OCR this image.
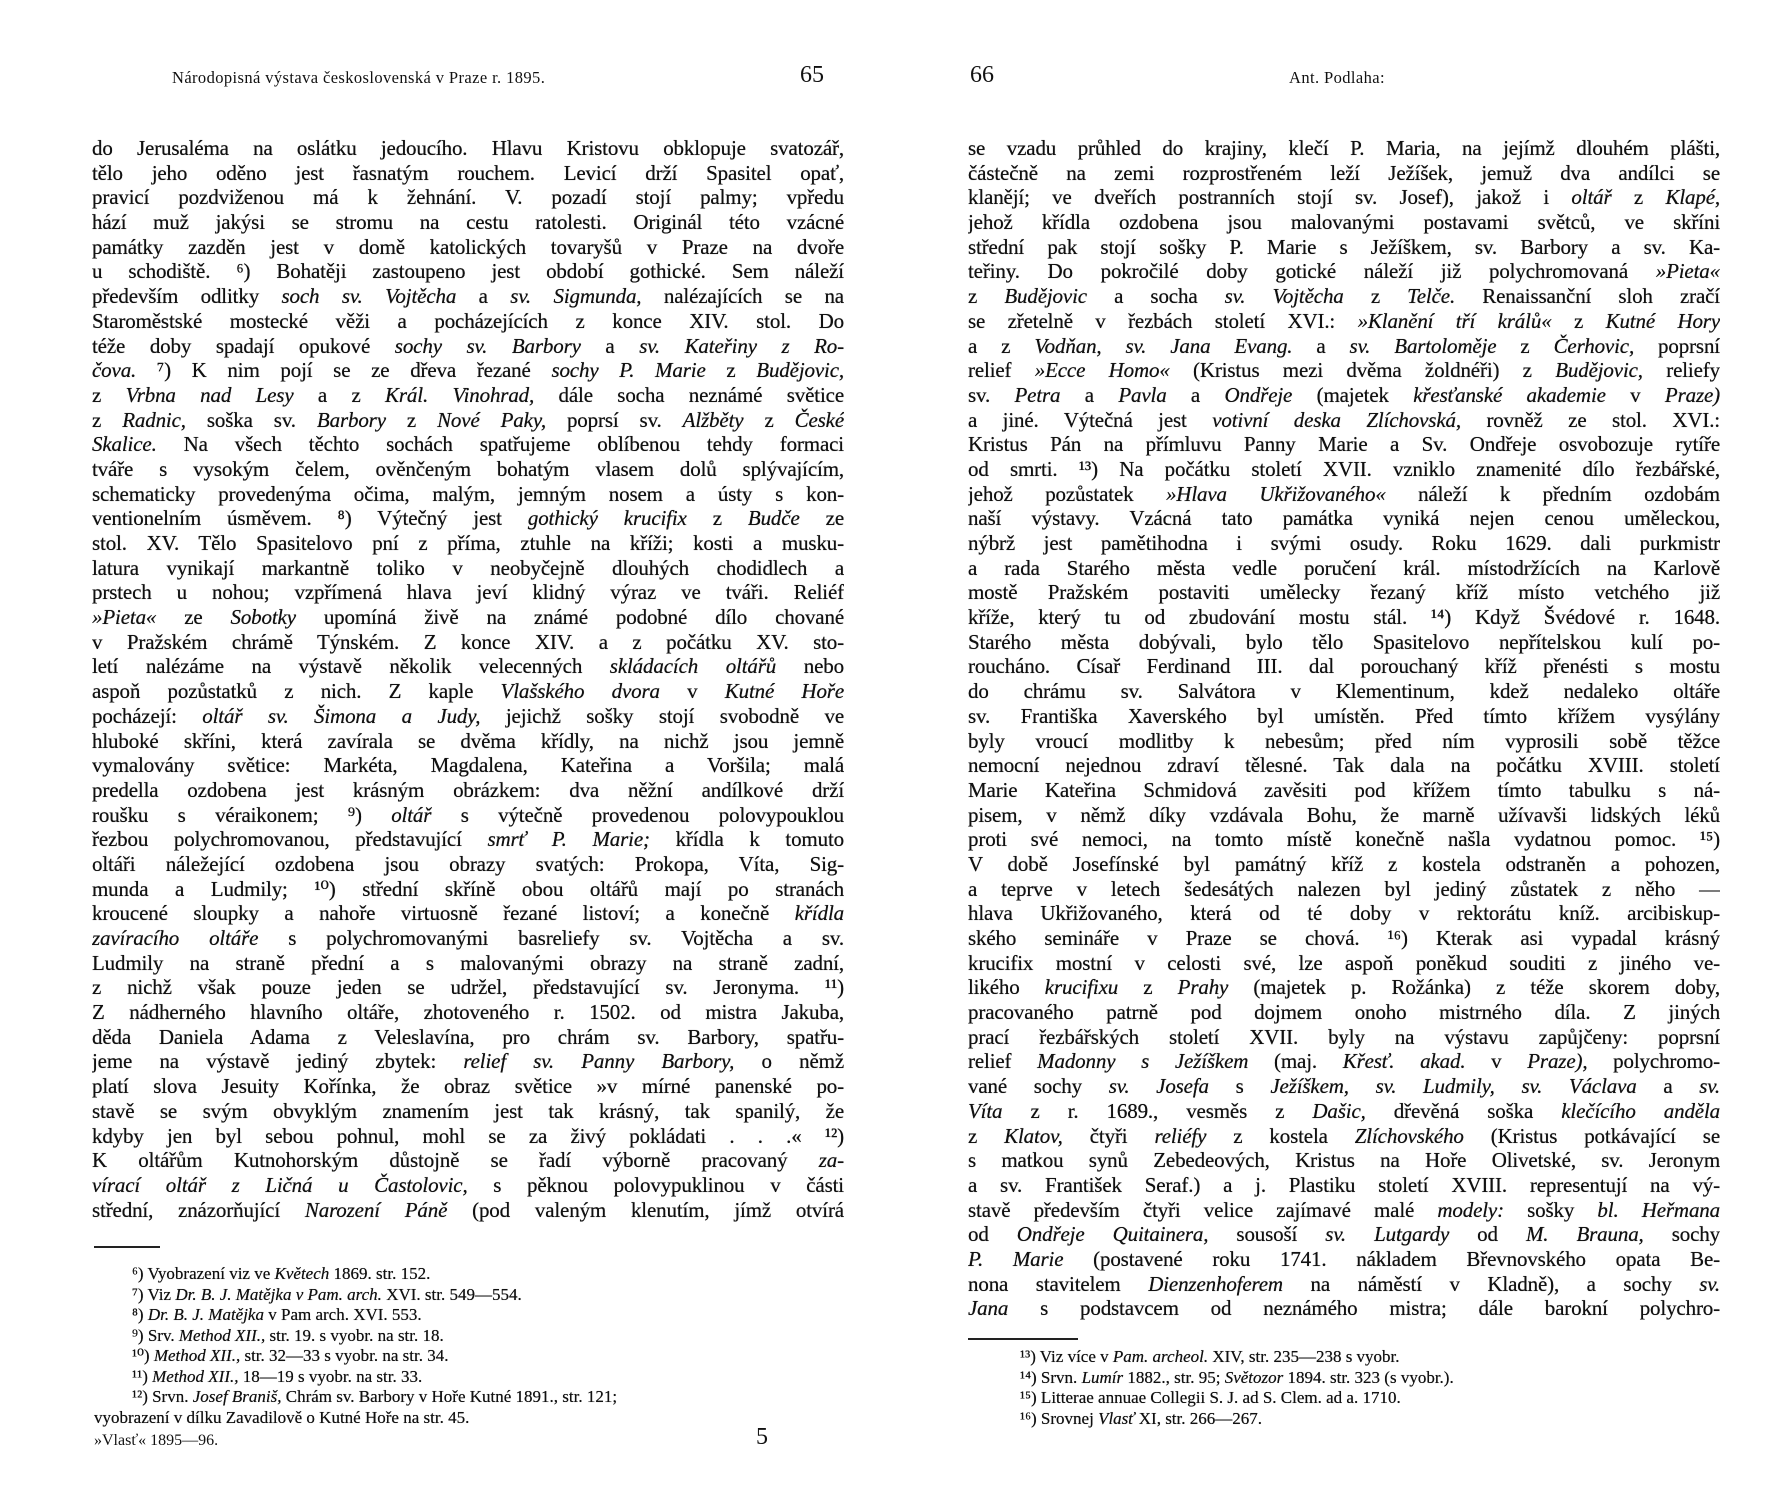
Národopisná výstava československá v Praze r. 1895.	65
do Jerusaléma na oslátku jedoucího. Hlavu Kristovu obklopuje svatozář,
tělo jeho oděno jest řasnatým rouchem. Levicí drží Spasitel opať,
pravicí pozdviženou má k žehnání. V. pozadí stojí palmy; vpředu
hází muž jakýsi se stromu na cestu ratolesti. Originál této vzácné
památky zazděn jest v domě katolických tovaryšů v Praze na dvoře
u schodiště. ⁶) Bohatěji zastoupeno jest období gothické. Sem náleží
především odlitky soch sv. Vojtěcha a sv. Sigmunda, nalézajících se na
Staroměstské mostecké věži a pocházejících z konce XIV. stol. Do
téže doby spadají opukové sochy sv. Barbory a sv. Kateřiny z Ro-
čova. ⁷) K nim pojí se ze dřeva řezané sochy P. Marie z Budějovic,
z Vrbna nad Lesy a z Král. Vinohrad, dále socha neznámé světice
z Radnic, soška sv. Barbory z Nové Paky, poprsí sv. Alžběty z České
Skalice. Na všech těchto sochách spatřujeme oblíbenou tehdy formaci
tváře s vysokým čelem, ověnčeným bohatým vlasem dolů splývajícím,
schematicky provedenýma očima, malým, jemným nosem a ústy s kon-
ventionelním úsměvem. ⁸) Výtečný jest gothický krucifix z Budče ze
stol. XV. Tělo Spasitelovo pní z přímа, ztuhle na kříži; kosti a musku-
latura vynikají markantně toliko v neobyčejně dlouhých chodidlech a
prstech u nohou; vzpřímená hlava jeví klidný výraz ve tváři. Reliéf
»Pieta« ze Sobotky upomíná živě na známé podobné dílo chované
v Pražském chrámě Týnském. Z konce XIV. a z počátku XV. sto-
letí nalézáme na výstavě několik velecenných skládacích oltářů nebo
aspoň pozůstatků z nich. Z kaple Vlašského dvora v Kutné Hoře
pocházejí: oltář sv. Šimona a Judy, jejichž sošky stojí svobodně ve
hluboké skříni, která zavírala se dvěma křídly, na nichž jsou jemně
vymalovány světice: Markéta, Magdalena, Kateřina a Voršila; malá
predella ozdobena jest krásným obrázkem: dva něžní andílkové drží
roušku s véraikonem; ⁹) oltář s výtečně provedenou polovypouklou
řezbou polychromovanou, představující smrť P. Marie; křídla k tomuto
oltáři náležející ozdobena jsou obrazy svatých: Prokopa, Víta, Sig-
munda a Ludmily; ¹⁰) střední skříně obou oltářů mají po stranách
kroucené sloupky a nahoře virtuosně řezané listoví; a konečně křídla
zavíracího oltáře s polychromovanými basreliefy sv. Vojtěcha a sv.
Ludmily na straně přední a s malovanými obrazy na straně zadní,
z nichž však pouze jeden se udržel, představující sv. Jeronyma. ¹¹)
Z nádherného hlavního oltáře, zhotoveného r. 1502. od mistra Jakuba,
děda Daniela Adama z Veleslavína, pro chrám sv. Barbory, spatřu-
jeme na výstavě jediný zbytek: relief sv. Panny Barbory, o němž
platí slova Jesuity Kořínka, že obraz světice »v mírné panenské po-
stavě se svým obvyklým znamením jest tak krásný, tak spanilý, že
kdyby jen byl sebou pohnul, mohl se za živý pokládati . . .« ¹²)
K oltářům Kutnohorským důstojně se řadí výborně pracovaný za-
vírací oltář z Ličná u Častolovic, s pěknou polovypuklinou v části
střední, znázorňující Narození Páně (pod valeným klenutím, jímž otvírá
⁶) Vyobrazení viz ve Květech 1869. str. 152.
⁷) Viz Dr. B. J. Matějka v Pam. arch. XVI. str. 549—554.
⁸) Dr. B. J. Matějka v Pam arch. XVI. 553.
⁹) Srv. Method XII., str. 19. s vyobr. na str. 18.
¹⁰) Method XII., str. 32—33 s vyobr. na str. 34.
¹¹) Method XII., 18—19 s vyobr. na str. 33.
¹²) Srvn. Josef Braniš, Chrám sv. Barbory v Hoře Kutné 1891., str. 121;
vyobrazení v dílku Zavadilově o Kutné Hoře na str. 45.
»Vlasť« 1895—96.	5
66	Ant. Podlaha:
se vzadu průhled do krajiny, klečí P. Maria, na jejímž dlouhém plášti,
částečně na zemi rozprostřeném leží Ježíšek, jemuž dva andílci se
klanějí; ve dveřích postranních stojí sv. Josef), jakož i oltář z Klapé,
jehož křídla ozdobena jsou malovanými postavami světců, ve skříni
střední pak stojí sošky P. Marie s Ježíškem, sv. Barbory a sv. Ka-
teřiny. Do pokročilé doby gotické náleží již polychromovaná »Pieta«
z Budějovic a socha sv. Vojtěcha z Telče. Renaissanční sloh zračí
se zřetelně v řezbách století XVI.: »Klanění tří králů« z Kutné Hory
a z Vodňan, sv. Jana Evang. a sv. Bartoloměje z Čerhovic, poprsní
relief »Ecce Homo« (Kristus mezi dvěma žoldnéři) z Budějovic, reliefy
sv. Petra a Pavla a Ondřeje (majetek křesťanské akademie v Praze)
a jiné. Výtečná jest votivní deska Zlíchovská, rovněž ze stol. XVI.:
Kristus Pán na přímluvu Panny Marie a Sv. Ondřeje osvobozuje rytíře
od smrti. ¹³) Na počátku století XVII. vzniklo znamenité dílo řezbářské,
jehož pozůstatek »Hlava Ukřižovaného« náleží k předním ozdobám
naší výstavy. Vzácná tato památka vyniká nejen cenou uměleckou,
nýbrž jest pamětihodna i svými osudy. Roku 1629. dali purkmistr
a rada Starého města vedle poručení král. místodržících na Karlově
mostě Pražském postaviti umělecky řezaný kříž místo vetchého již
kříže, který tu od zbudování mostu stál. ¹⁴) Když Švédové r. 1648.
Starého města dobývali, bylo tělo Spasitelovo nepřítelskou kulí po-
roucháno. Císař Ferdinand III. dal porouchaný kříž přenésti s mostu
do chrámu sv. Salvátora v Klementinum, kdež nedaleko oltáře
sv. Františka Xaverského byl umístěn. Před tímto křížem vysýlány
byly vroucí modlitby k nebesům; před ním vyprosili sobě těžce
nemocní nejednou zdraví tělesné. Tak dala na počátku XVIII. století
Marie Kateřina Schmidová zavěsiti pod křížem tímto tabulku s ná-
pisem, v němž díky vzdávala Bohu, že marně užívavši lidských léků
proti své nemoci, na tomto místě konečně našla vydatnou pomoc. ¹⁵)
V době Josefínské byl památný kříž z kostela odstraněn a pohozen,
a teprve v letech šedesátých nalezen byl jediný zůstatek z něho —
hlava Ukřižovaného, která od té doby v rektorátu kníž. arcibiskup-
ského semináře v Praze se chová. ¹⁶) Kterak asi vypadal krásný
krucifix mostní v celosti své, lze aspoň poněkud souditi z jiného ve-
likého krucifixu z Prahy (majetek p. Rožánka) z téže skorem doby,
pracovaného patrně pod dojmem onoho mistrného díla. Z jiných
prací řezbářských století XVII. byly na výstavu zapůjčeny: poprsní
relief Madonny s Ježíškem (maj. Křesť. akad. v Praze), polychromo-
vané sochy sv. Josefa s Ježíškem, sv. Ludmily, sv. Václava a sv.
Víta z r. 1689., vesměs z Dašic, dřevěná soška klečícího anděla
z Klatov, čtyři reliéfy z kostela Zlíchovského (Kristus potkávající se
s matkou synů Zebedeových, Kristus na Hoře Olivetské, sv. Jeronym
a sv. František Seraf.) a j. Plastiku století XVIII. representují na vý-
stavě především čtyři velice zajímavé malé modely: sošky bl. Heřmana
od Ondřeje Quitainera, sousoší sv. Lutgardy od M. Brauna, sochy
P. Marie (postavené roku 1741. nákladem Břevnovského opata Be-
nona stavitelem Dienzenhoferem na náměstí v Kladně), a sochy sv.
Jana s podstavcem od neznámého mistra; dále barokní polychro-
¹³) Viz více v Pam. archeol. XIV, str. 235—238 s vyobr.
¹⁴) Srvn. Lumír 1882., str. 95; Světozor 1894. str. 323 (s vyobr.).
¹⁵) Litterae annuae Collegii S. J. ad S. Clem. ad a. 1710.
¹⁶) Srovnej Vlasť XI, str. 266—267.
